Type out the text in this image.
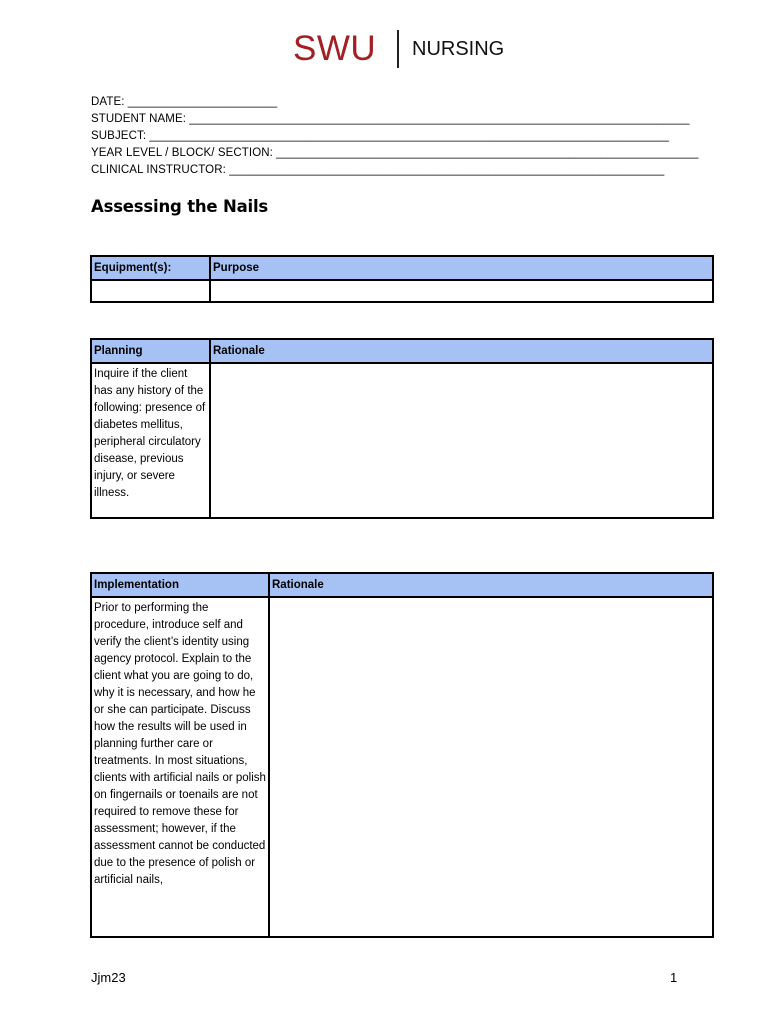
SWU NURSING
DATE: _______________________
STUDENT NAME: _____________________________________________________________________________
SUBJECT: ________________________________________________________________________________
YEAR LEVEL / BLOCK/ SECTION: _________________________________________________________________
CLINICAL INSTRUCTOR: ___________________________________________________________________
Assessing the Nails
Equipment(s):	Purpose

Planning	Rationale

Inquire if the client has any history of the following: presence of diabetes mellitus, peripheral circulatory disease, previous injury, or severe illness.	

Implementation	Rationale

Prior to performing the procedure, introduce self and verify the client’s identity using agency protocol. Explain to the client what you are going to do, why it is necessary, and how he or she can participate. Discuss how the results will be used in planning further care or treatments. In most situations, clients with artificial nails or polish on fingernails or toenails are not required to remove these for assessment; however, if the assessment cannot be conducted due to the presence of polish or artificial nails,	

Jjm23	1
